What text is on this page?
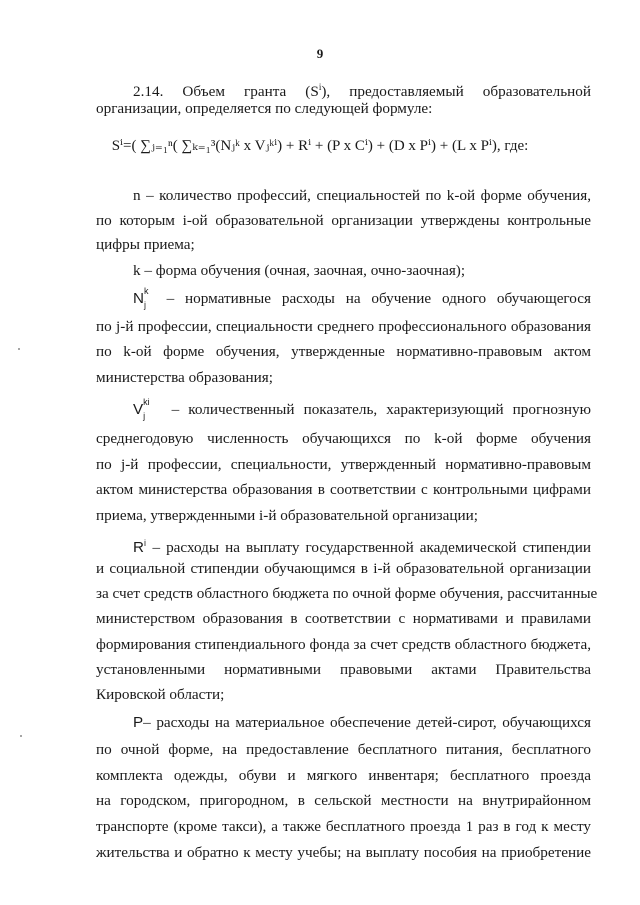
9
2.14. Объем гранта $(S^i)$, предоставляемый образовательной
организации, определяется по следующей формуле:
Sⁱ=( ∑ⱼ₌₁ⁿ( ∑ₖ₌₁³(Nⱼᵏ x Vⱼᵏⁱ) + Rⁱ + (P x Cⁱ) + (D x Pⁱ) + (L x Pⁱ), где:
n – количество профессий, специальностей по k-ой форме обучения,
по которым i-ой образовательной организации утверждены контрольные
цифры приема;
k – форма обучения (очная, заочная, очно-заочная);
N k
j – нормативные расходы на обучение одного обучающегося
по j-й профессии, специальности среднего профессионального образования
по k-ой форме обучения, утвержденные нормативно-правовым актом
министерства образования;
V ki
j – количественный показатель, характеризующий прогнозную
среднегодовую численность обучающихся по k-ой форме обучения
по j-й профессии, специальности, утвержденный нормативно-правовым
актом министерства образования в соответствии с контрольными цифрами
приема, утвержденными i-й образовательной организации;
$R^i$ – расходы на выплату государственной академической стипендии
и социальной стипендии обучающимся в i-й образовательной организации
за счет средств областного бюджета по очной форме обучения, рассчитанные
министерством образования в соответствии с нормативами и правилами
формирования стипендиального фонда за счет средств областного бюджета,
установленными нормативными правовыми актами Правительства
Кировской области;
P– расходы на материальное обеспечение детей-сирот, обучающихся
по очной форме, на предоставление бесплатного питания, бесплатного
комплекта одежды, обуви и мягкого инвентаря; бесплатного проезда
на городском, пригородном, в сельской местности на внутрирайонном
транспорте (кроме такси), а также бесплатного проезда 1 раз в год к месту
жительства и обратно к месту учебы; на выплату пособия на приобретение
